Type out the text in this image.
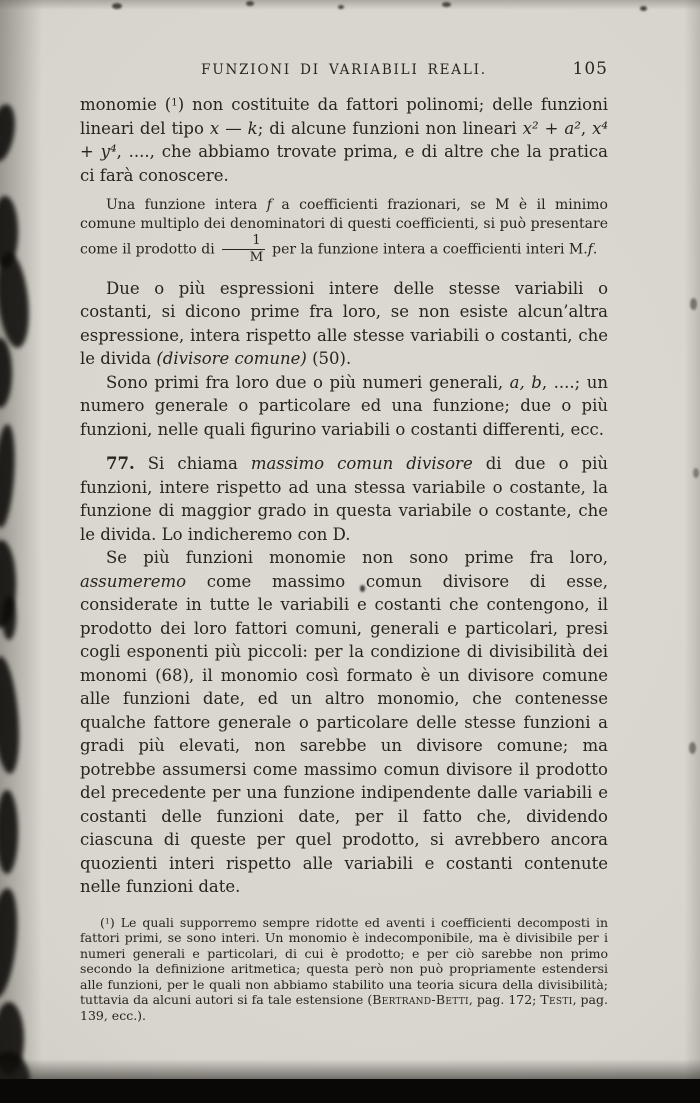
FUNZIONI DI VARIABILI REALI.	105

monomie ($^1$) non costituite da fattori polinomi; delle funzioni lineari del tipo x — k; di alcune funzioni non lineari x² + a², x⁴ + y⁴, ...., che abbiamo trovate prima, e di altre che la pratica ci farà conoscere.

Una funzione intera f a coefficienti frazionari, se M è il minimo comune multiplo dei denominatori di questi coefficienti, si può presentare come il prodotto di $\frac{1}{M}$ per la funzione intera a coefficienti interi M.f.

Due o più espressioni intere delle stesse variabili o costanti, si dicono prime fra loro, se non esiste alcun’altra espressione, intera rispetto alle stesse variabili o costanti, che le divida (divisore comune) (50).

Sono primi fra loro due o più numeri generali, a, b, ....; un numero generale o particolare ed una funzione; due o più funzioni, nelle quali figurino variabili o costanti differenti, ecc.

77. Si chiama massimo comun divisore di due o più funzioni, intere rispetto ad una stessa variabile o costante, la funzione di maggior grado in questa variabile o costante, che le divida. Lo indicheremo con D.

Se più funzioni monomie non sono prime fra loro, assumeremo come massimo comun divisore di esse, considerate in tutte le variabili e costanti che contengono, il prodotto dei loro fattori comuni, generali e particolari, presi cogli esponenti più piccoli: per la condizione di divisibilità dei monomi (68), il monomio così formato è un divisore comune alle funzioni date, ed un altro monomio, che contenesse qualche fattore generale o particolare delle stesse funzioni a gradi più elevati, non sarebbe un divisore comune; ma potrebbe assumersi come massimo comun divisore il prodotto del precedente per una funzione indipendente dalle variabili e costanti delle funzioni date, per il fatto che, dividendo ciascuna di queste per quel prodotto, si avrebbero ancora quozienti interi rispetto alle variabili e costanti contenute nelle funzioni date.

($^1$) Le quali supporremo sempre ridotte ed aventi i coefficienti decomposti in fattori primi, se sono interi. Un monomio è indecomponibile, ma è divisibile per i numeri generali e particolari, di cui è prodotto; e per ciò sarebbe non primo secondo la definizione aritmetica; questa però non può propriamente estendersi alle funzioni, per le quali non abbiamo stabilito una teoria sicura della divisibilità; tuttavia da alcuni autori si fa tale estensione (Bertrand-Betti, pag. 172; Testi, pag. 139, ecc.).
